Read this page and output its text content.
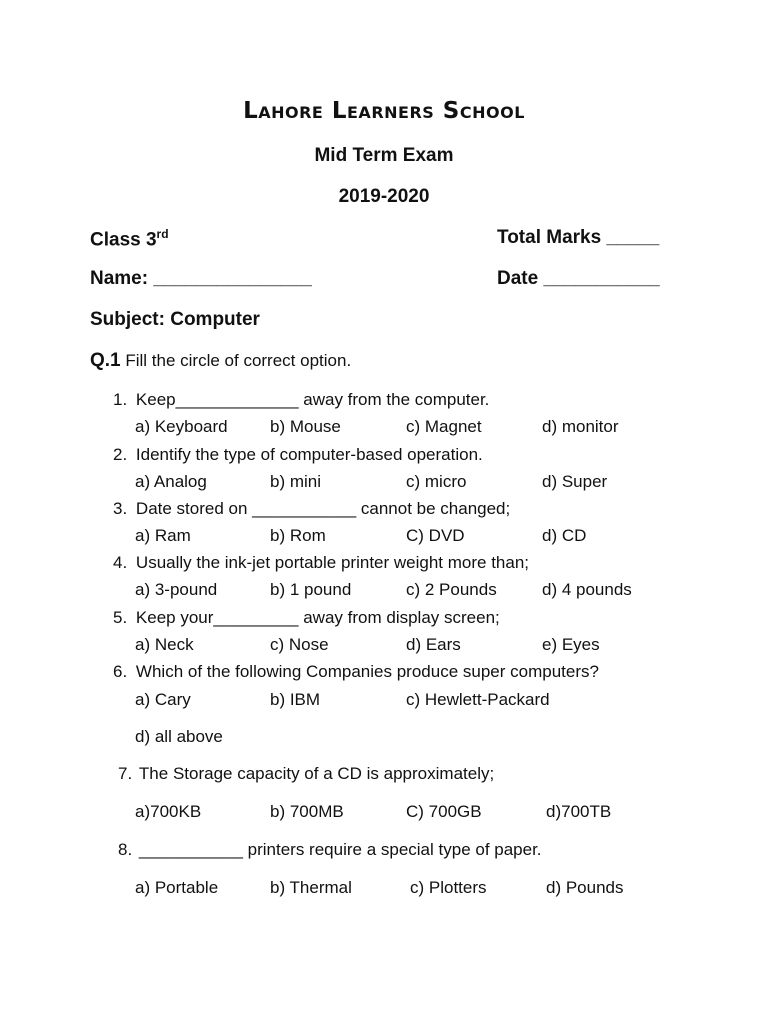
Lahore Learners School
Mid Term Exam
2019-2020
Class 3rd	Total Marks _____
Name: _______________	Date ___________
Subject: Computer
Q.1 Fill the circle of correct option.
1. Keep_____________ away from the computer.
a) Keyboard b) Mouse	c) Magnet	d) monitor
2. Identify the type of computer-based operation.
a) Analog	b) mini	c) micro	d) Super
3. Date stored on ___________ cannot be changed;
a) Ram	b) Rom	C) DVD	d) CD
4. Usually the ink-jet portable printer weight more than;
a) 3-pound	b) 1 pound	c) 2 Pounds	d) 4 pounds
5. Keep your_________ away from display screen;
a) Neck	c) Nose	d) Ears	e) Eyes
6. Which of the following Companies produce super computers?
a) Cary	b) IBM	c) Hewlett-Packard
d) all above
7. The Storage capacity of a CD is approximately;
a)700KB	b) 700MB	C) 700GB	d)700TB
8. ___________ printers require a special type of paper.
a) Portable	b) Thermal	c) Plotters	d) Pounds
